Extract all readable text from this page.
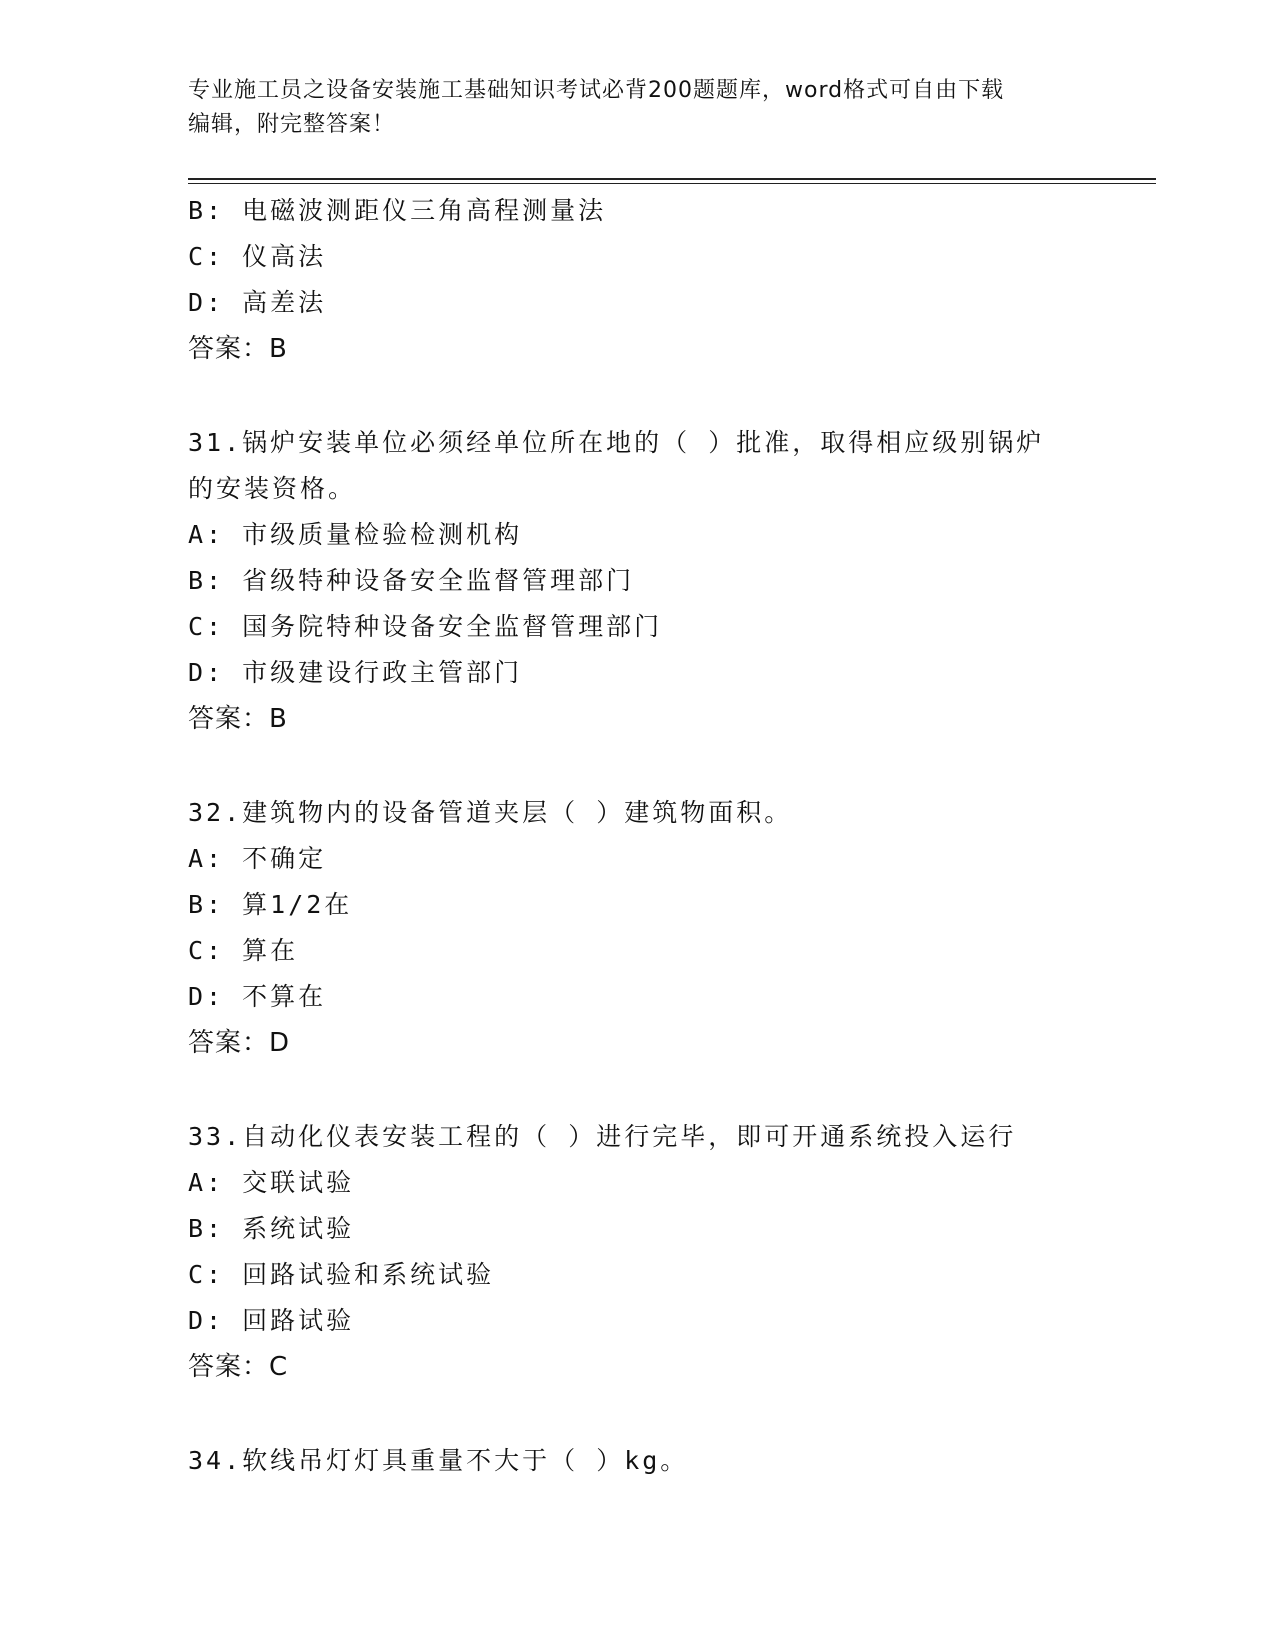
专业施工员之设备安装施工基础知识考试必背200题题库，word格式可自由下载
编辑，附完整答案！
B: 电磁波测距仪三角高程测量法
C: 仪高法
D: 高差法
答案：B
31.锅炉安装单位必须经单位所在地的（ ）批准，取得相应级别锅炉
的安装资格。
A: 市级质量检验检测机构
B: 省级特种设备安全监督管理部门
C: 国务院特种设备安全监督管理部门
D: 市级建设行政主管部门
答案：B
32.建筑物内的设备管道夹层（ ）建筑物面积。
A: 不确定
B: 算1/2在
C: 算在
D: 不算在
答案：D
33.自动化仪表安装工程的（ ）进行完毕，即可开通系统投入运行
A: 交联试验
B: 系统试验
C: 回路试验和系统试验
D: 回路试验
答案：C
34.软线吊灯灯具重量不大于（ ）kg。
